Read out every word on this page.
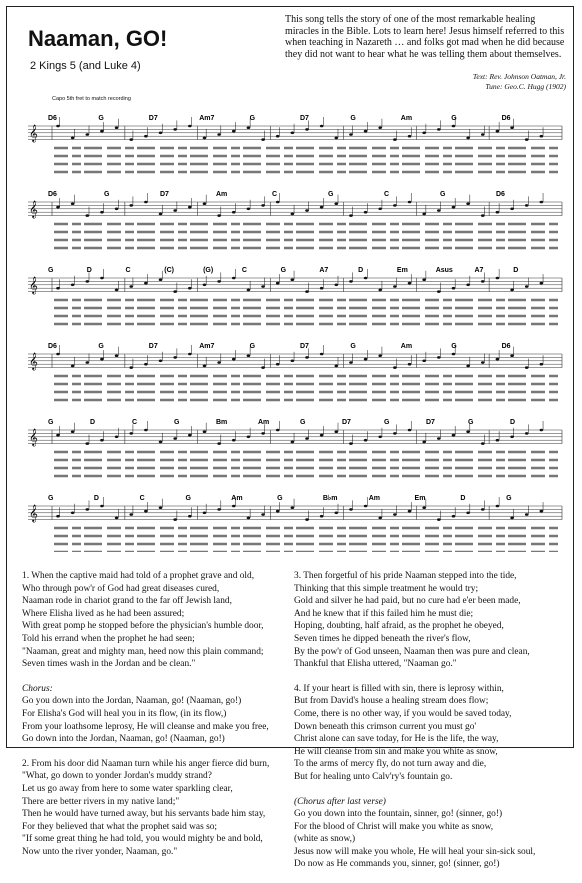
Naaman, GO!
2 Kings 5 (and Luke 4)
This song tells the story of one of the most remarkable healing miracles in the Bible. Lots to learn here! Jesus himself referred to this when teaching in Nazareth … and folks got mad when he did because they did not want to hear what he was telling them about themselves.
Text: Rev. Johnson Oatman, Jr.
Tune: Geo.C. Hugg (1902)
Capo 5th fret to match recording
D6	G	D7	Am7	G	D7	G	Am	G	D6
𝄞
D6	G	D7	Am	C	G	C	G	D6
𝄞
G	D	C	(C)	(G)	C	G	A7	D	Em	Asus	A7	D
𝄞
D6	G	D7	Am7	G	D7	G	Am	G	D6
𝄞
G	D	C	G	Bm	Am	G	D7	G	D7	G	D
𝄞
G	D	C	G	Am	G	B♭m	Am	Em	D	G
𝄞

1. When the captive maid had told of a prophet grave and old,

Who through pow'r of God had great diseases cured,

Naaman rode in chariot grand to the far off Jewish land,

Where Elisha lived as he had been assured;

With great pomp he stopped before the physician's humble door,

Told his errand when the prophet he had seen;

"Naaman, great and mighty man, heed now this plain command;

Seven times wash in the Jordan and be clean."

Chorus:

Go you down into the Jordan, Naaman, go! (Naaman, go!)

For Elisha's God will heal you in its flow, (in its flow,)

From your loathsome leprosy, He will cleanse and make you free,

Go down into the Jordan, Naaman, go! (Naaman, go!)

2. From his door did Naaman turn while his anger fierce did burn,

"What, go down to yonder Jordan's muddy strand?

Let us go away from here to some water sparkling clear,

There are better rivers in my native land;"

Then he would have turned away, but his servants bade him stay,

For they believed that what the prophet said was so;

"If some great thing he had told, you would mighty be and bold,

Now unto the river yonder, Naaman, go."

3. Then forgetful of his pride Naaman stepped into the tide,

Thinking that this simple treatment he would try;

Gold and silver he had paid, but no cure had e'er been made,

And he knew that if this failed him he must die;

Hoping, doubting, half afraid, as the prophet he obeyed,

Seven times he dipped beneath the river's flow,

By the pow'r of God unseen, Naaman then was pure and clean,

Thankful that Elisha uttered, "Naaman go."

4. If your heart is filled with sin, there is leprosy within,

But from David's house a healing stream does flow;

Come, there is no other way, if you would be saved today,

Down beneath this crimson current you must go'

Christ alone can save today, for He is the life, the way,

He will cleanse from sin and make you white as snow,

To the arms of mercy fly, do not turn away and die,

But for healing unto Calv'ry's fountain go.

(Chorus after last verse)

Go you down into the fountain, sinner, go! (sinner, go!)

For the blood of Christ will make you white as snow,

(white as snow,)

Jesus now will make you whole, He will heal your sin-sick soul,

Do now as He commands you, sinner, go! (sinner, go!)
